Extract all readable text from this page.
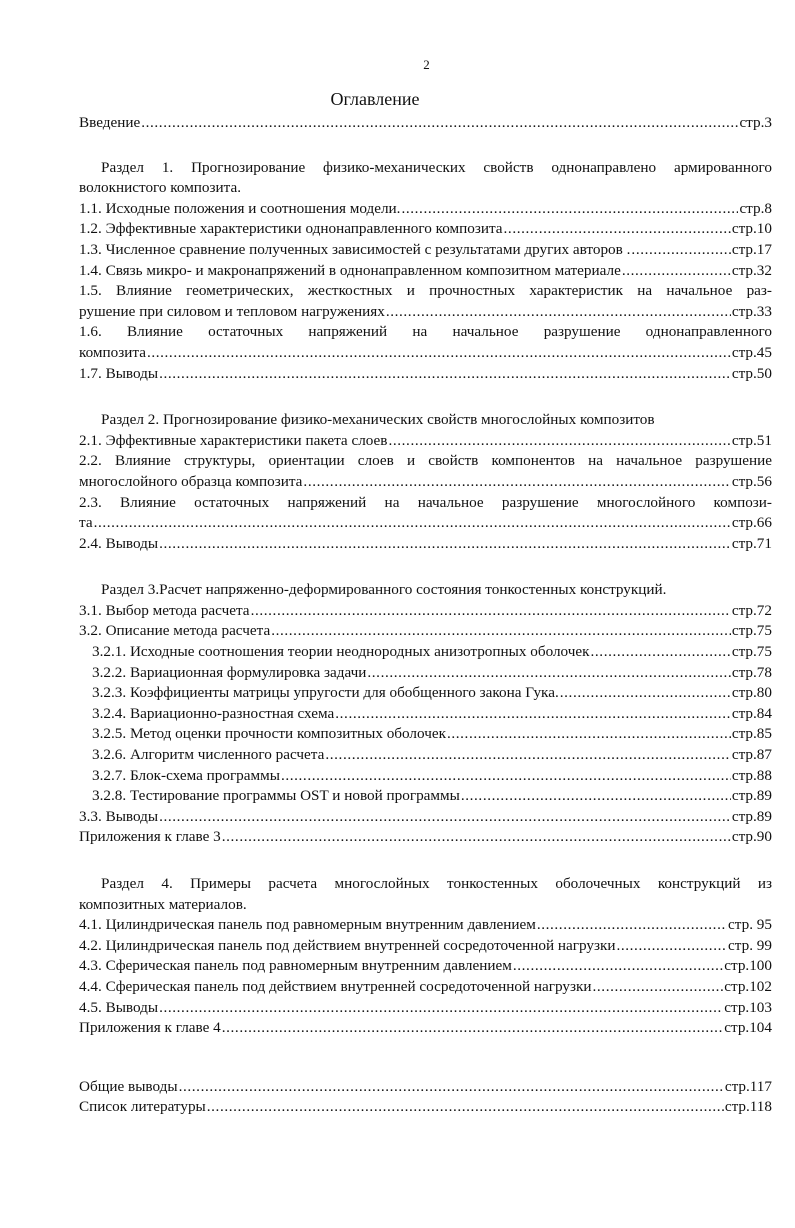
2
Оглавление
Введение .....	стр.3
Раздел 1. Прогнозирование физико-механических свойств однонаправлено армированного
волокнистого композита.
1.1. Исходные положения и соотношения модели. .....	стр.8
1.2. Эффективные характеристики однонаправленного композита .....	стр.10
1.3. Численное сравнение полученных зависимостей с результатами других авторов . .....	стр.17
1.4. Связь микро- и макронапряжений в однонаправленном композитном материале .....	стр.32
1.5. Влияние геометрических, жесткостных и прочностных характеристик на начальное раз-
рушение при силовом и тепловом нагружениях .....	стр.33
1.6. Влияние остаточных напряжений на начальное разрушение однонаправленного
композита .....	стр.45
1.7. Выводы .....	стр.50
Раздел 2. Прогнозирование физико-механических свойств многослойных композитов
2.1. Эффективные характеристики пакета слоев .....	стр.51
2.2. Влияние структуры, ориентации слоев и свойств компонентов на начальное разрушение
многослойного образца композита .....	стр.56
2.3. Влияние остаточных напряжений на начальное разрушение многослойного компози-
та .....	стр.66
2.4. Выводы .....	стр.71
Раздел 3.Расчет напряженно-деформированного состояния тонкостенных конструкций.
3.1. Выбор метода расчета .....	стр.72
3.2. Описание метода расчета .....	стр.75
3.2.1. Исходные соотношения теории неоднородных анизотропных оболочек .....	стр.75
3.2.2. Вариационная формулировка задачи .....	стр.78
3.2.3. Коэффициенты матрицы упругости для обобщенного закона Гука. .....	стр.80
3.2.4. Вариационно-разностная схема .....	стр.84
3.2.5. Метод оценки прочности композитных оболочек .....	стр.85
3.2.6. Алгоритм численного расчета .....	стр.87
3.2.7. Блок-схема программы .....	стр.88
3.2.8. Тестирование программы OST и новой программы .....	стр.89
3.3. Выводы .....	стр.89
Приложения к главе 3 .....	стр.90
Раздел 4. Примеры расчета многослойных тонкостенных оболочечных конструкций из
композитных материалов.
4.1. Цилиндрическая панель под равномерным внутренним давлением .....	стр. 95
4.2. Цилиндрическая панель под действием внутренней сосредоточенной нагрузки .....	стр. 99
4.3. Сферическая панель под равномерным внутренним давлением .....	стр.100
4.4. Сферическая панель под действием внутренней сосредоточенной нагрузки .....	стр.102
4.5. Выводы .....	стр.103
Приложения к главе 4 .....	стр.104
Общие выводы .....	стр.117
Список литературы .....	стр.118
